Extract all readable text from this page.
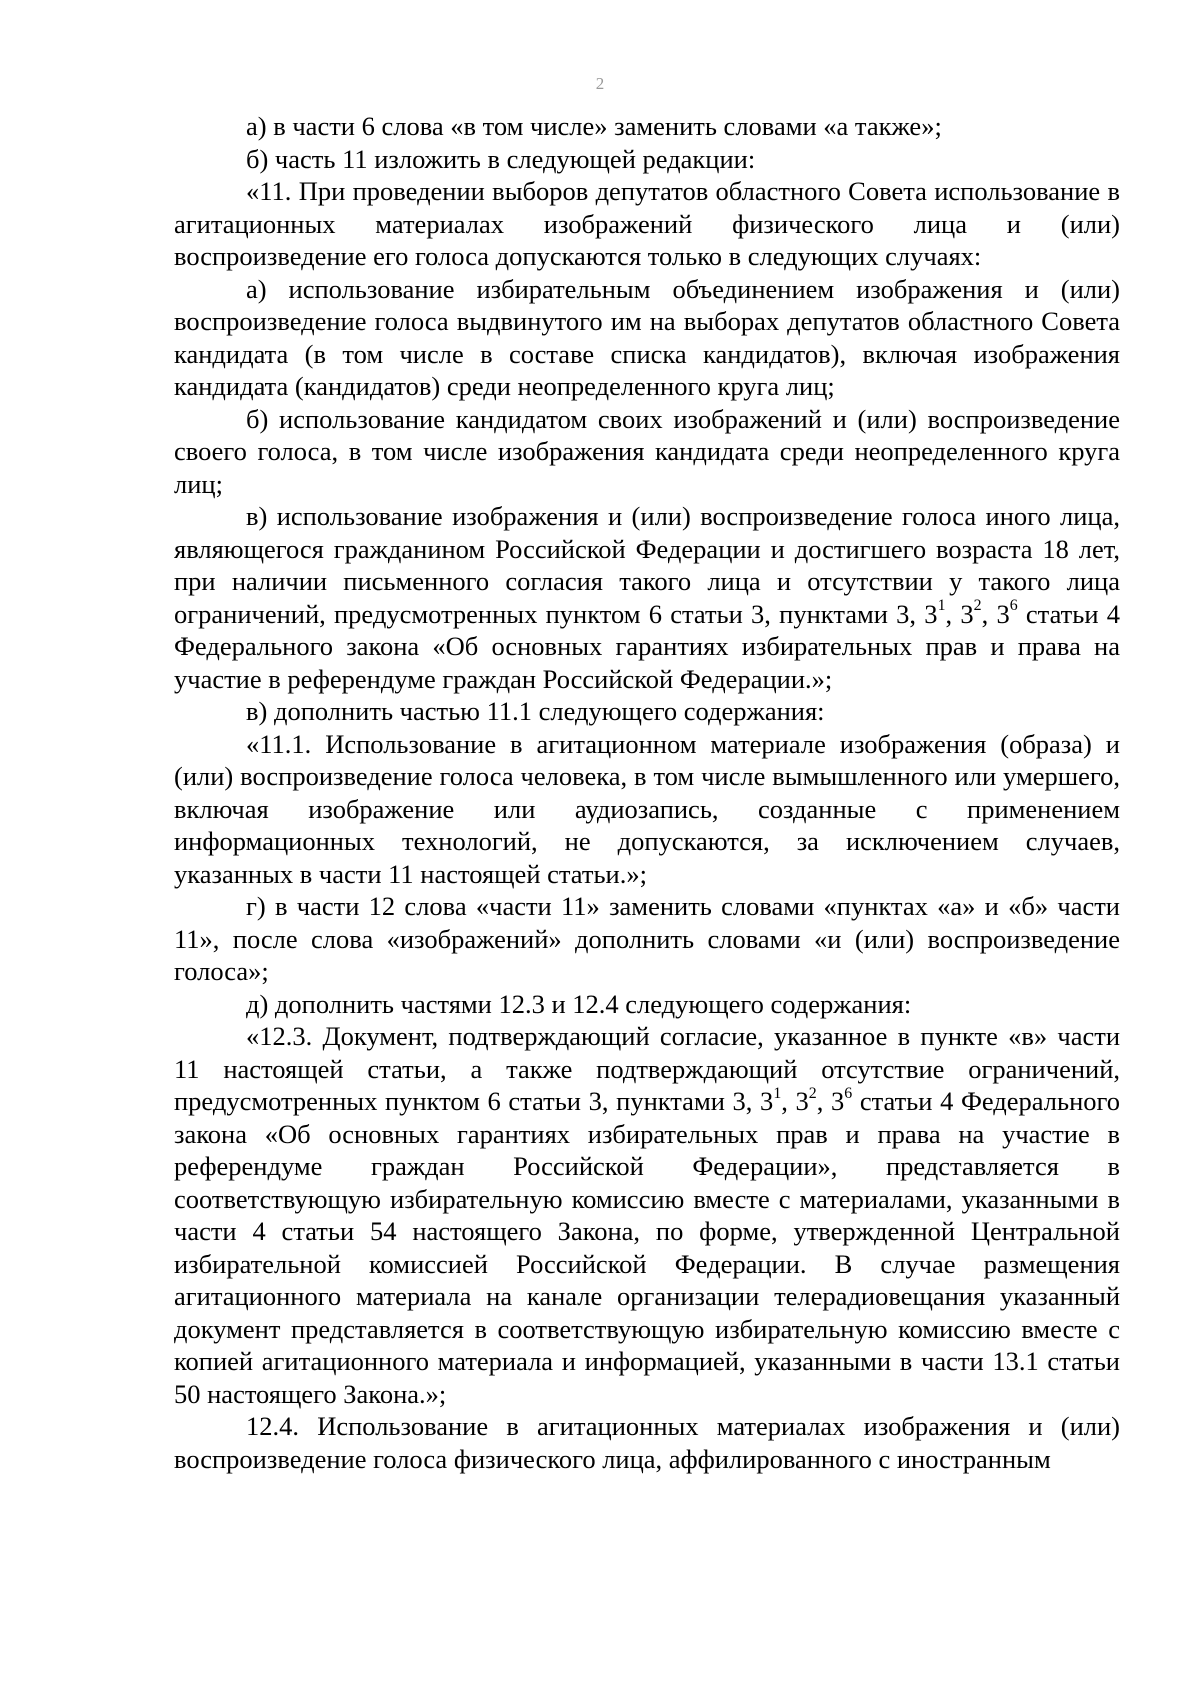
2

а) в части 6 слова «в том числе» заменить словами «а также»;

б) часть 11 изложить в следующей редакции:

«11. При проведении выборов депутатов областного Совета использование в агитационных материалах изображений физического лица и (или) воспроизведение его голоса допускаются только в следующих случаях:

а) использование избирательным объединением изображения и (или) воспроизведение голоса выдвинутого им на выборах депутатов областного Совета кандидата (в том числе в составе списка кандидатов), включая изображения кандидата (кандидатов) среди неопределенного круга лиц;

б) использование кандидатом своих изображений и (или) воспроизведение своего голоса, в том числе изображения кандидата среди неопределенного круга лиц;

в) использование изображения и (или) воспроизведение голоса иного лица, являющегося гражданином Российской Федерации и достигшего возраста 18 лет, при наличии письменного согласия такого лица и отсутствии у такого лица ограничений, предусмотренных пунктом 6 статьи 3, пунктами 3, $3^1$, $3^2$, $3^6$ статьи 4 Федерального закона «Об основных гарантиях избирательных прав и права на участие в референдуме граждан Российской Федерации.»;

в) дополнить частью 11.1 следующего содержания:

«11.1. Использование в агитационном материале изображения (образа) и (или) воспроизведение голоса человека, в том числе вымышленного или умершего, включая изображение или аудиозапись, созданные с применением информационных технологий, не допускаются, за исключением случаев, указанных в части 11 настоящей статьи.»;

г) в части 12 слова «части 11» заменить словами «пунктах «а» и «б» части 11», после слова «изображений» дополнить словами «и (или) воспроизведение голоса»;

д) дополнить частями 12.3 и 12.4 следующего содержания:

«12.3. Документ, подтверждающий согласие, указанное в пункте «в» части 11 настоящей статьи, а также подтверждающий отсутствие ограничений, предусмотренных пунктом 6 статьи 3, пунктами 3, $3^1$, $3^2$, $3^6$ статьи 4 Федерального закона «Об основных гарантиях избирательных прав и права на участие в референдуме граждан Российской Федерации», представляется в соответствующую избирательную комиссию вместе с материалами, указанными в части 4 статьи 54 настоящего Закона, по форме, утвержденной Центральной избирательной комиссией Российской Федерации. В случае размещения агитационного материала на канале организации телерадиовещания указанный документ представляется в соответствующую избирательную комиссию вместе с копией агитационного материала и информацией, указанными в части 13.1 статьи 50 настоящего Закона.»;

12.4. Использование в агитационных материалах изображения и (или) воспроизведение голоса физического лица, аффилированного с иностранным
